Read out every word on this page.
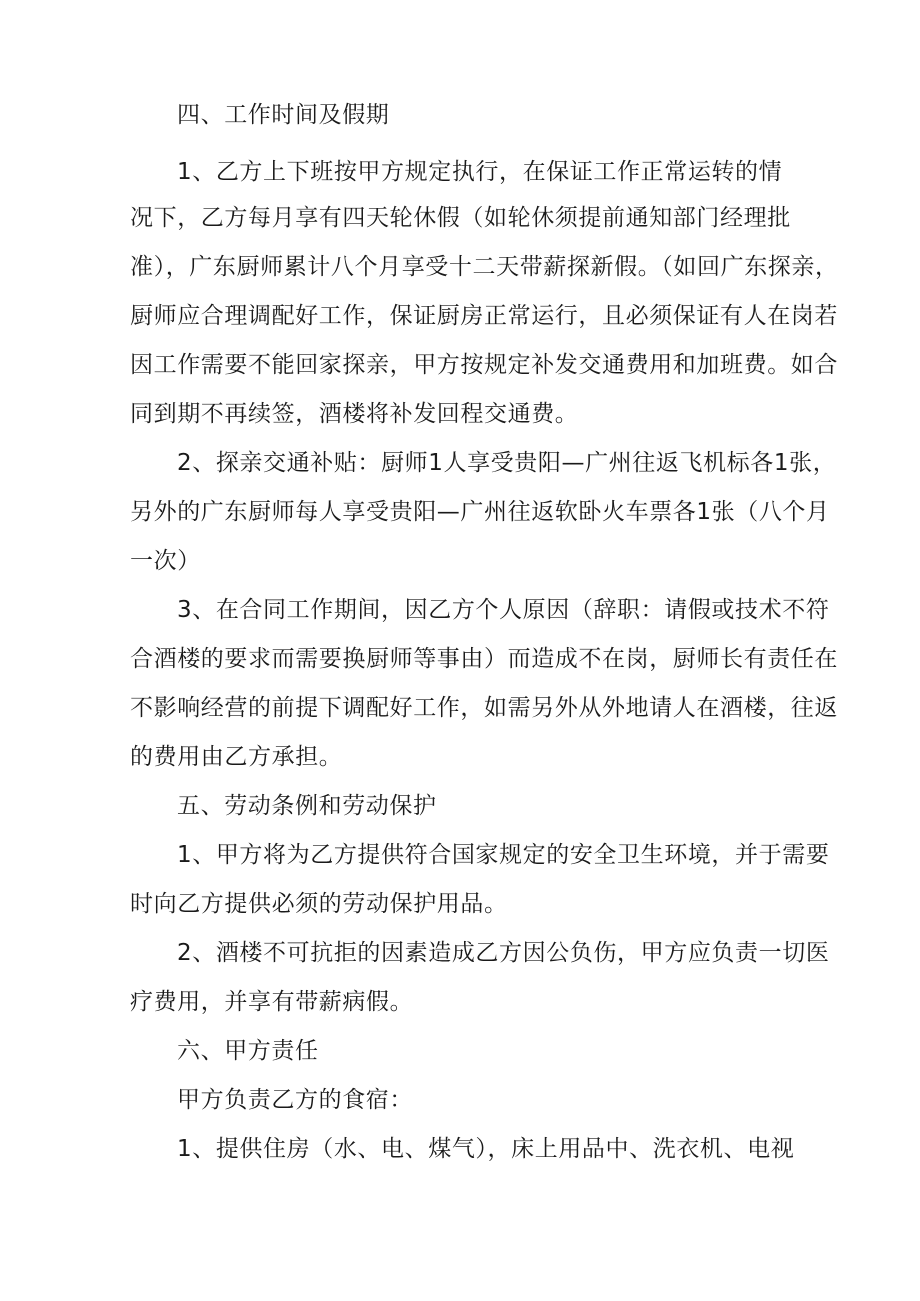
四、工作时间及假期
1、乙方上下班按甲方规定执行，在保证工作正常运转的情
况下，乙方每月享有四天轮休假（如轮休须提前通知部门经理批
准），广东厨师累计八个月享受十二天带薪探新假。（如回广东探亲，
厨师应合理调配好工作，保证厨房正常运行，且必须保证有人在岗若
因工作需要不能回家探亲，甲方按规定补发交通费用和加班费。如合
同到期不再续签，酒楼将补发回程交通费。
2、探亲交通补贴：厨师1人享受贵阳—广州往返飞机标各1张，
另外的广东厨师每人享受贵阳—广州往返软卧火车票各1张（八个月
一次）
3、在合同工作期间，因乙方个人原因（辞职：请假或技术不符
合酒楼的要求而需要换厨师等事由）而造成不在岗，厨师长有责任在
不影响经营的前提下调配好工作，如需另外从外地请人在酒楼，往返
的费用由乙方承担。
五、劳动条例和劳动保护
1、甲方将为乙方提供符合国家规定的安全卫生环境，并于需要
时向乙方提供必须的劳动保护用品。
2、酒楼不可抗拒的因素造成乙方因公负伤，甲方应负责一切医
疗费用，并享有带薪病假。
六、甲方责任
甲方负责乙方的食宿：
1、提供住房（水、电、煤气），床上用品中、洗衣机、电视
